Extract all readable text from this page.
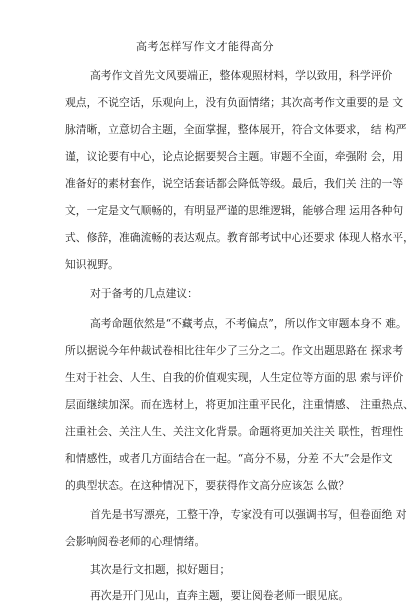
高考怎样写作文才能得高分
高考作文首先文风要端正，整体观照材料，学以致用，科学评价
观点，不说空话，乐观向上，没有负面情绪；其次高考作文重要的是 文
脉清晰，立意切合主题，全面掌握，整体展开，符合文体要求， 结 构严
谨，议论要有中心，论点论据要契合主题。审题不全面，牵强附 会，用
准备好的素材套作，说空话套话都会降低等级。最后，我们关 注的一等
文，一定是文气顺畅的，有明显严谨的思维逻辑，能够合理 运用各种句
式、修辞，准确流畅的表达观点。教育部考试中心还要求 体现人格水平，
知识视野。
对于备考的几点建议：
高考命题依然是“不藏考点，不考偏点”，所以作文审题本身不 难。
所以据说今年仲裁试卷相比往年少了三分之二。作文出题思路在 探求考
生对于社会、人生、自我的价值观实现，人生定位等方面的思 索与评价
层面继续加深。而在选材上，将更加注重平民化，注重情感、 注重热点、
注重社会、关注人生、关注文化背景。命题将更加关注关 联性，哲理性
和情感性，或者几方面结合在一起。“高分不易，分差 不大”会是作文
的典型状态。在这种情况下，要获得作文高分应该怎 么做？
首先是书写漂亮，工整干净，专家没有可以强调书写，但卷面绝 对
会影响阅卷老师的心理情绪。
其次是行文扣题，拟好题目；
再次是开门见山，直奔主题，要让阅卷老师一眼见底。
